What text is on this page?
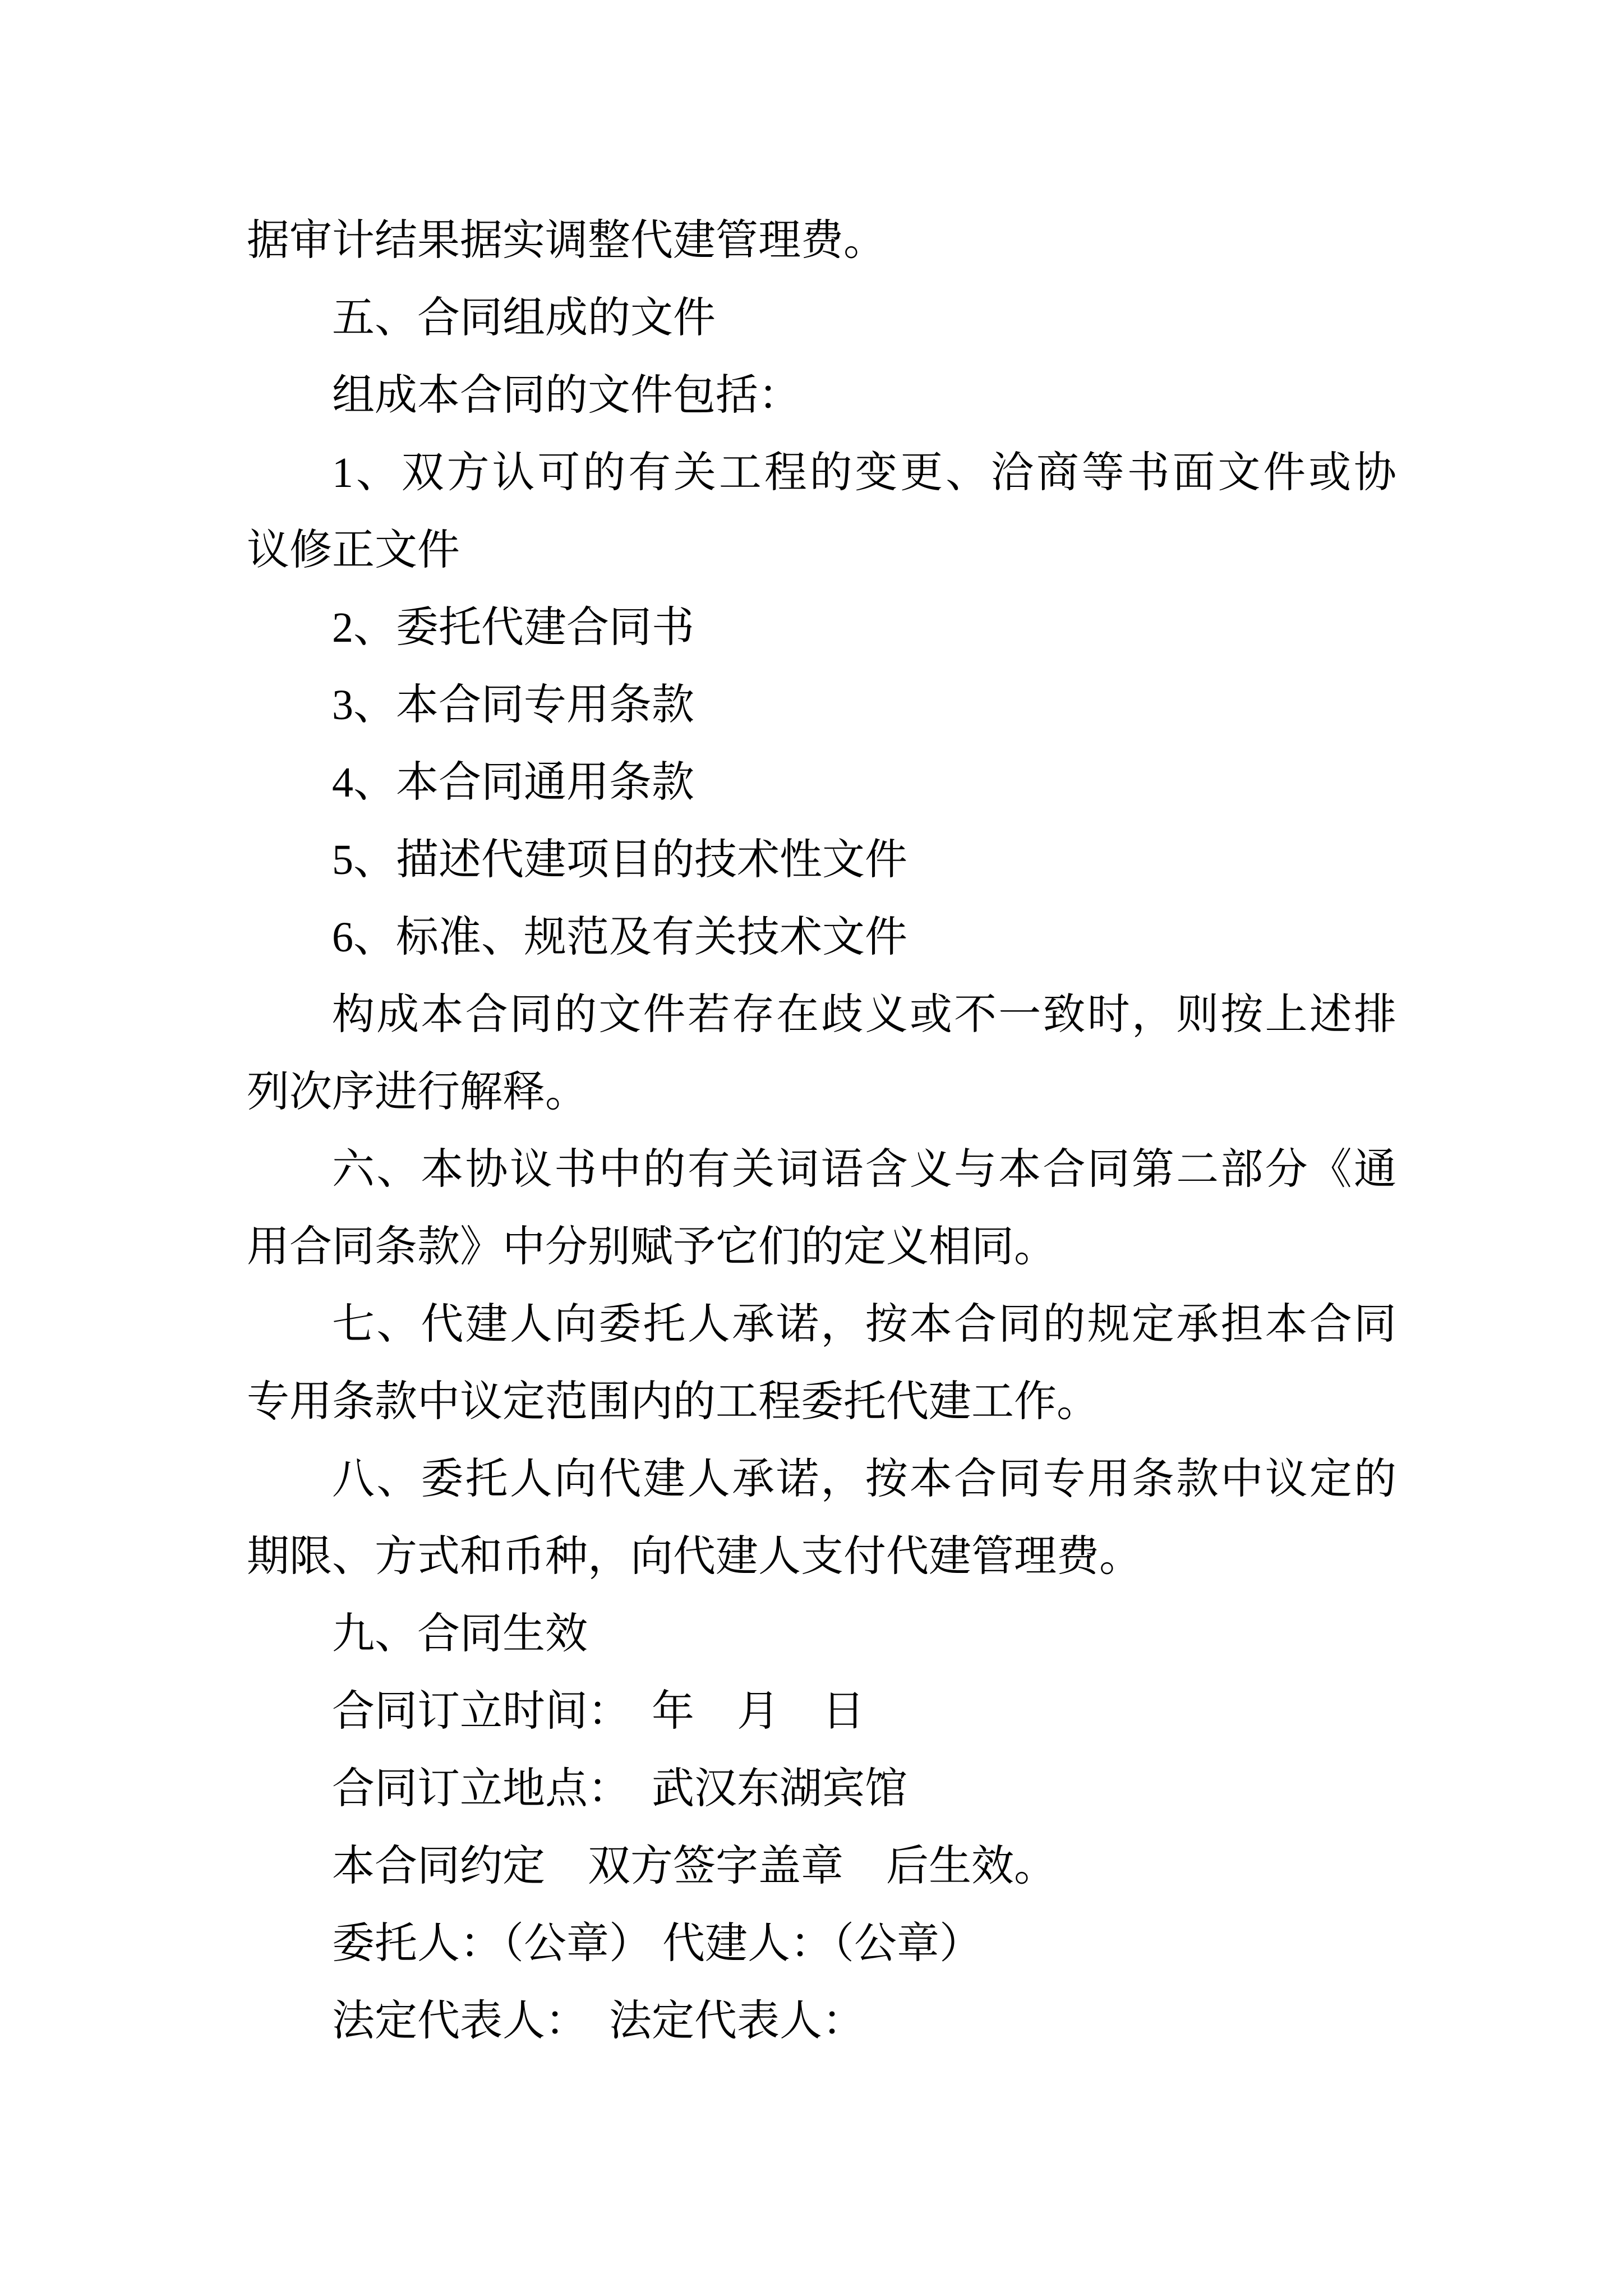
据审计结果据实调整代建管理费。
五、合同组成的文件
组成本合同的文件包括：
1、双方认可的有关工程的变更、洽商等书面文件或协
议修正文件
2、委托代建合同书
3、本合同专用条款
4、本合同通用条款
5、描述代建项目的技术性文件
6、标准、规范及有关技术文件
构成本合同的文件若存在歧义或不一致时，则按上述排
列次序进行解释。
六、本协议书中的有关词语含义与本合同第二部分《通
用合同条款》中分别赋予它们的定义相同。
七、代建人向委托人承诺，按本合同的规定承担本合同
专用条款中议定范围内的工程委托代建工作。
八、委托人向代建人承诺，按本合同专用条款中议定的
期限、方式和币种，向代建人支付代建管理费。
九、合同生效
合同订立时间：　年　月　日
合同订立地点：　武汉东湖宾馆
本合同约定　双方签字盖章　后生效。
委托人：（公章） 代建人：（公章）
法定代表人：　法定代表人：
